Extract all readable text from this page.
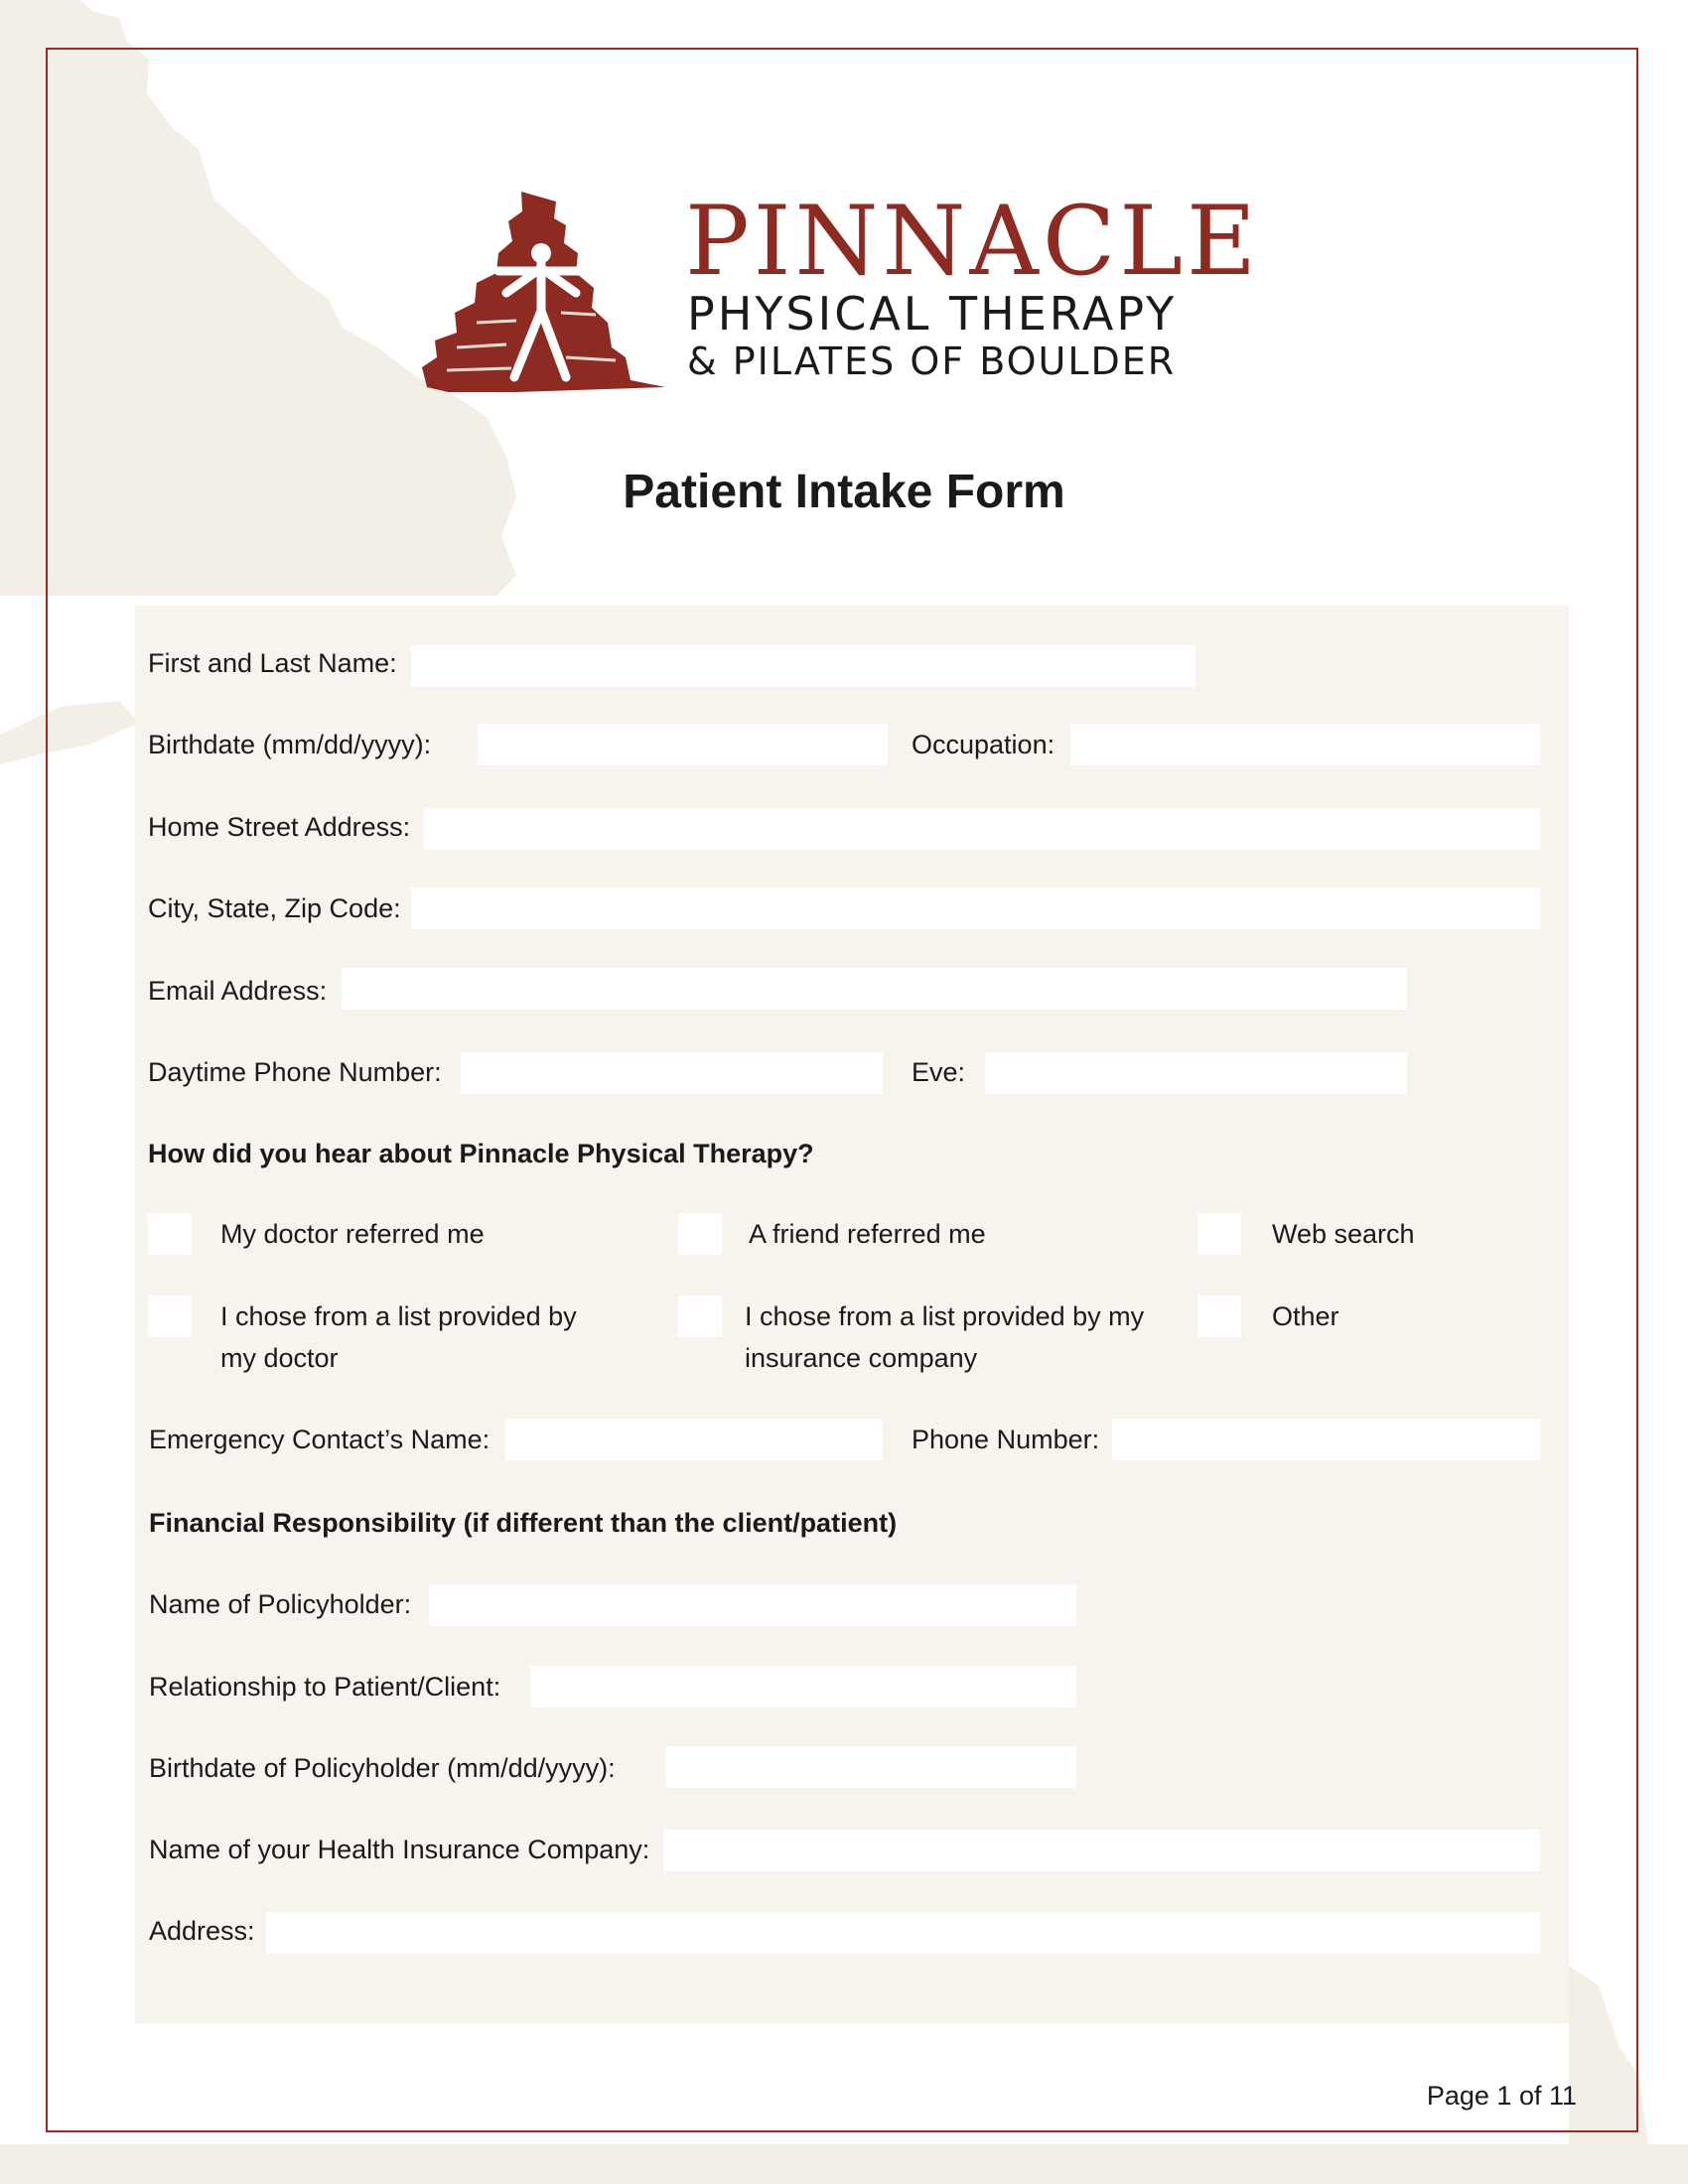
PINNACLE

PHYSICAL THERAPY

& PILATES OF BOULDER

Patient Intake Form
First and Last Name:
Birthdate (mm/dd/yyyy):	Occupation:
Home Street Address:
City, State, Zip Code:
Email Address:
Daytime Phone Number:	Eve:
How did you hear about Pinnacle Physical Therapy?
My doctor referred me	A friend referred me	Web search
I chose from a list provided by
my doctor
I chose from a list provided by my
insurance company
Other
Emergency Contact’s Name:	Phone Number:
Financial Responsibility (if different than the client/patient)
Name of Policyholder:
Relationship to Patient/Client:
Birthdate of Policyholder (mm/dd/yyyy):
Name of your Health Insurance Company:
Address:
Page 1 of 11
